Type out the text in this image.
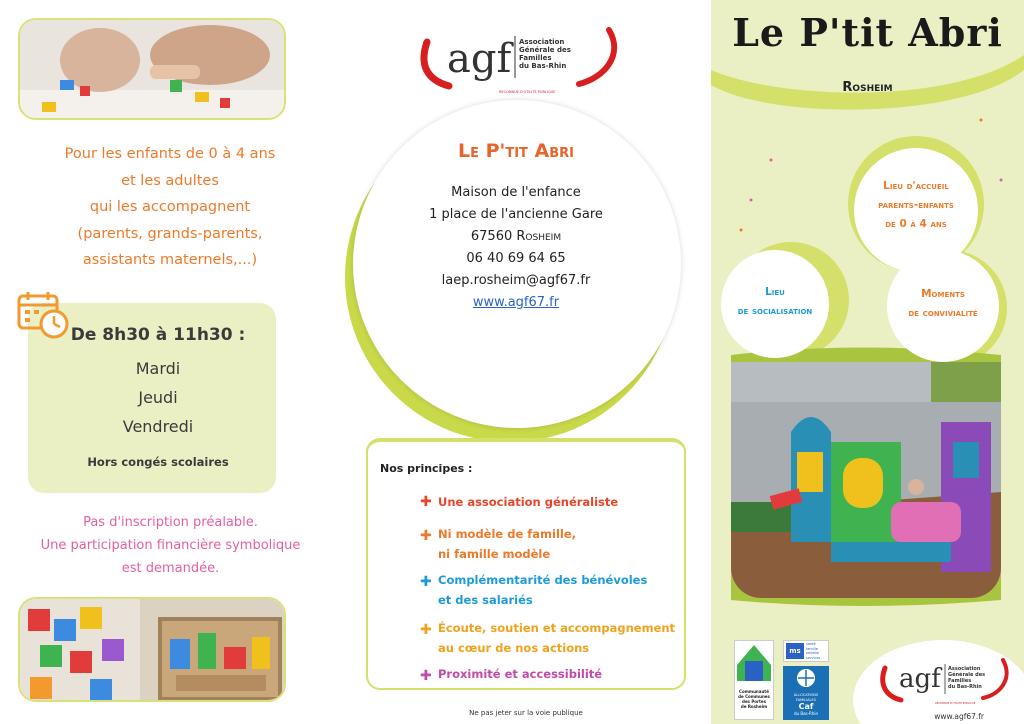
Pour les enfants de 0 à 4 ans
et les adultes
qui les accompagnent
(parents, grands-parents,
assistants maternels,...)
De 8h30 à 11h30 :
Mardi
Jeudi
Vendredi
Hors congés scolaires
Pas d'inscription préalable.
Une participation financière symbolique
est demandée.
agf Association
Générale des
Familles
du Bas-Rhin
RECONNUE D'UTILITÉ PUBLIQUE
Le P'tit Abri
Maison de l'enfance
1 place de l'ancienne Gare
67560 Rosheim
06 40 69 64 65
laep.rosheim@agf67.fr
www.agf67.fr
Nos principes :
✚ Une association généraliste
✚ Ni modèle de famille,
ni famille modèle
✚ Complémentarité des bénévoles
et des salariés
✚ Écoute, soutien et accompagnement
au cœur de nos actions
✚ Proximité et accessibilité
Ne pas jeter sur la voie publique
Le P'tit Abri
Rosheim
Lieu d'accueil
parents-enfants
de 0 à 4 ans
Lieu
de socialisation
Moments
de convivialité
Communauté
de Communes
des Portes
de Rosheim
ms
santé
famille
retraite
services
ALLOCATIONS
FAMILIALES
Caf
du Bas-Rhin
agf Association
Générale des
Familles
du Bas-Rhin
RECONNUE D'UTILITÉ PUBLIQUE
www.agf67.fr
